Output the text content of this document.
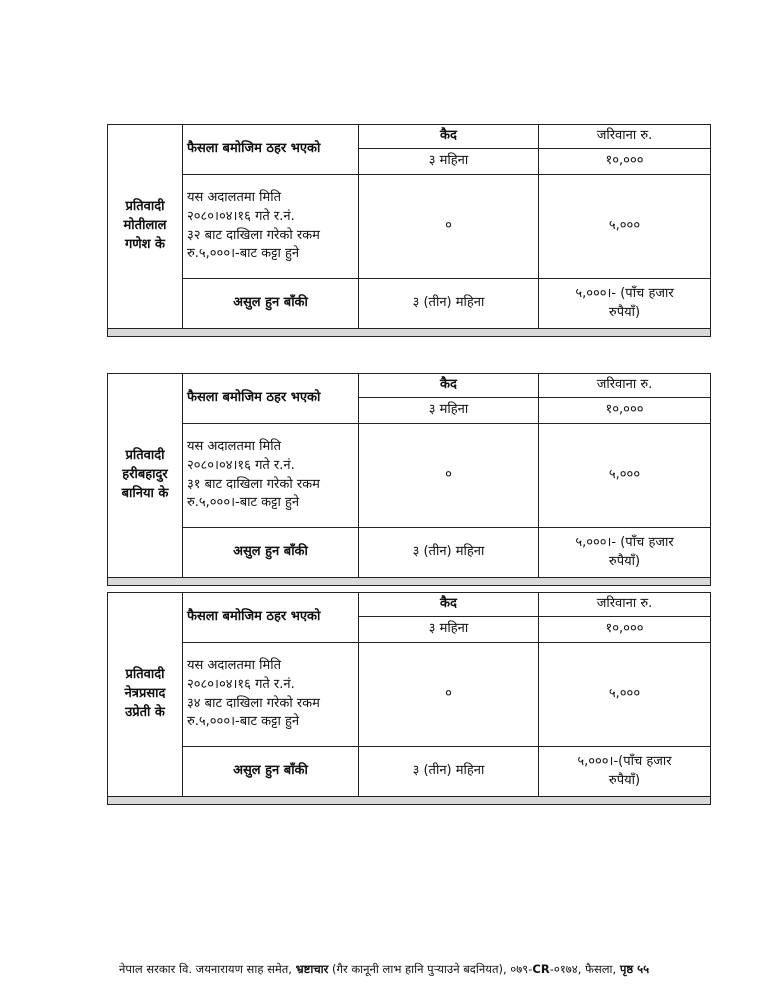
प्रतिवादी
मोतीलाल
गणेश के	फैसला बमोजिम ठहर भएको	कैद	जरिवाना रु.
		३ महिना	१०,०००

	यस अदालतमा मिति
२०८०।०४।१६ गते र.नं.
३२ बाट दाखिला गरेको रकम
रु.५,०००।-बाट कट्टा हुने	०	५,०००
	असुल हुन बाँकी	३ (तीन) महिना	५,०००।- (पाँच हजार
रुपैयाँ)

प्रतिवादी
हरीबहादुर
बानिया के	फैसला बमोजिम ठहर भएको	कैद	जरिवाना रु.
		३ महिना	१०,०००

	यस अदालतमा मिति
२०८०।०४।१६ गते र.नं.
३१ बाट दाखिला गरेको रकम
रु.५,०००।-बाट कट्टा हुने	०	५,०००
	असुल हुन बाँकी	३ (तीन) महिना	५,०००।- (पाँच हजार
रुपैयाँ)

प्रतिवादी
नेत्रप्रसाद
उप्रेती के	फैसला बमोजिम ठहर भएको	कैद	जरिवाना रु.
		३ महिना	१०,०००

	यस अदालतमा मिति
२०८०।०४।१६ गते र.नं.
३४ बाट दाखिला गरेको रकम
रु.५,०००।-बाट कट्टा हुने	०	५,०००
	असुल हुन बाँकी	३ (तीन) महिना	५,०००।-(पाँच हजार
रुपैयाँ)

नेपाल सरकार वि. जयनारायण साह समेत, भ्रष्टाचार (गैर कानूनी लाभ हानि पुर्‍याउने बदनियत), ०७९-CR-०१७४, फैसला, पृष्ठ ५५
